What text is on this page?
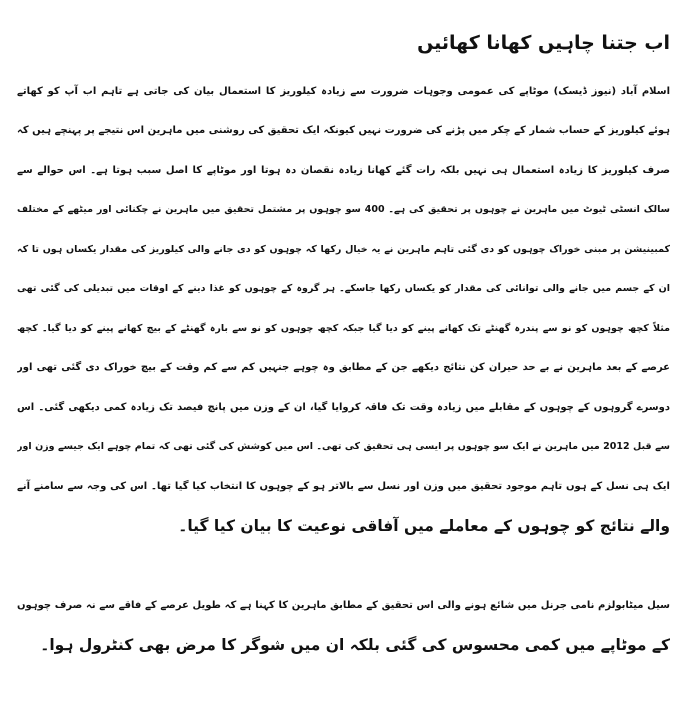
اب جتنا چاہیں کھانا کھائیں
اسلام آباد (نیوز ڈیسک) موٹاپے کی عمومی وجوہات ضرورت سے زیادہ کیلوریز کا استعمال بیان کی جاتی ہے تاہم اب آپ کو کھاتے
ہوئے کیلوریز کے حساب شمار کے چکر میں پڑنے کی ضرورت نہیں کیونکہ ایک تحقیق کی روشنی میں ماہرین اس نتیجے پر پہنچے ہیں کہ
صرف کیلوریز کا زیادہ استعمال ہی نہیں بلکہ رات گئے کھانا زیادہ نقصان دہ ہوتا اور موٹاپے کا اصل سبب ہوتا ہے۔ اس حوالے سے
سالک انسٹی ٹیوٹ میں ماہرین نے چوہوں پر تحقیق کی ہے۔ 400 سو چوہوں پر مشتمل تحقیق میں ماہرین نے چکنائی اور میٹھے کے مختلف
کمبینیشن پر مبنی خوراک چوہوں کو دی گئی تاہم ماہرین نے یہ خیال رکھا کہ چوہوں کو دی جانے والی کیلوریز کی مقدار یکساں ہوں تا کہ
ان کے جسم میں جانے والی توانائی کی مقدار کو یکساں رکھا جاسکے۔ ہر گروہ کے چوہوں کو غذا دینے کے اوقات میں تبدیلی کی گئی تھی
مثلاً کچھ چوہوں کو نو سے پندرہ گھنٹے تک کھانے پینے کو دیا گیا جبکہ کچھ چوہوں کو نو سے بارہ گھنٹے کے بیچ کھانے پینے کو دیا گیا۔ کچھ
عرصے کے بعد ماہرین نے بے حد حیران کن نتائج دیکھے جن کے مطابق وہ چوہے جنہیں کم سے کم وقت کے بیچ خوراک دی گئی تھی اور
دوسرے گروہوں کے چوہوں کے مقابلے میں زیادہ وقت تک فاقہ کروایا گیا، ان کے وزن میں پانچ فیصد تک زیادہ کمی دیکھی گئی۔ اس
سے قبل 2012 میں ماہرین نے ایک سو چوہوں پر ایسی ہی تحقیق کی تھی۔ اس میں کوشش کی گئی تھی کہ تمام چوہے ایک جیسے وزن اور
ایک ہی نسل کے ہوں تاہم موجود تحقیق میں وزن اور نسل سے بالاتر ہو کے چوہوں کا انتخاب کیا گیا تھا۔ اس کی وجہ سے سامنے آنے
والے نتائج کو چوہوں کے معاملے میں آفاقی نوعیت کا بیان کیا گیا۔
سیل میٹابولزم نامی جرنل میں شائع ہونے والی اس تحقیق کے مطابق ماہرین کا کہنا ہے کہ طویل عرصے کے فاقے سے نہ صرف چوہوں
کے موٹاپے میں کمی محسوس کی گئی بلکہ ان میں شوگر کا مرض بھی کنٹرول ہوا۔
